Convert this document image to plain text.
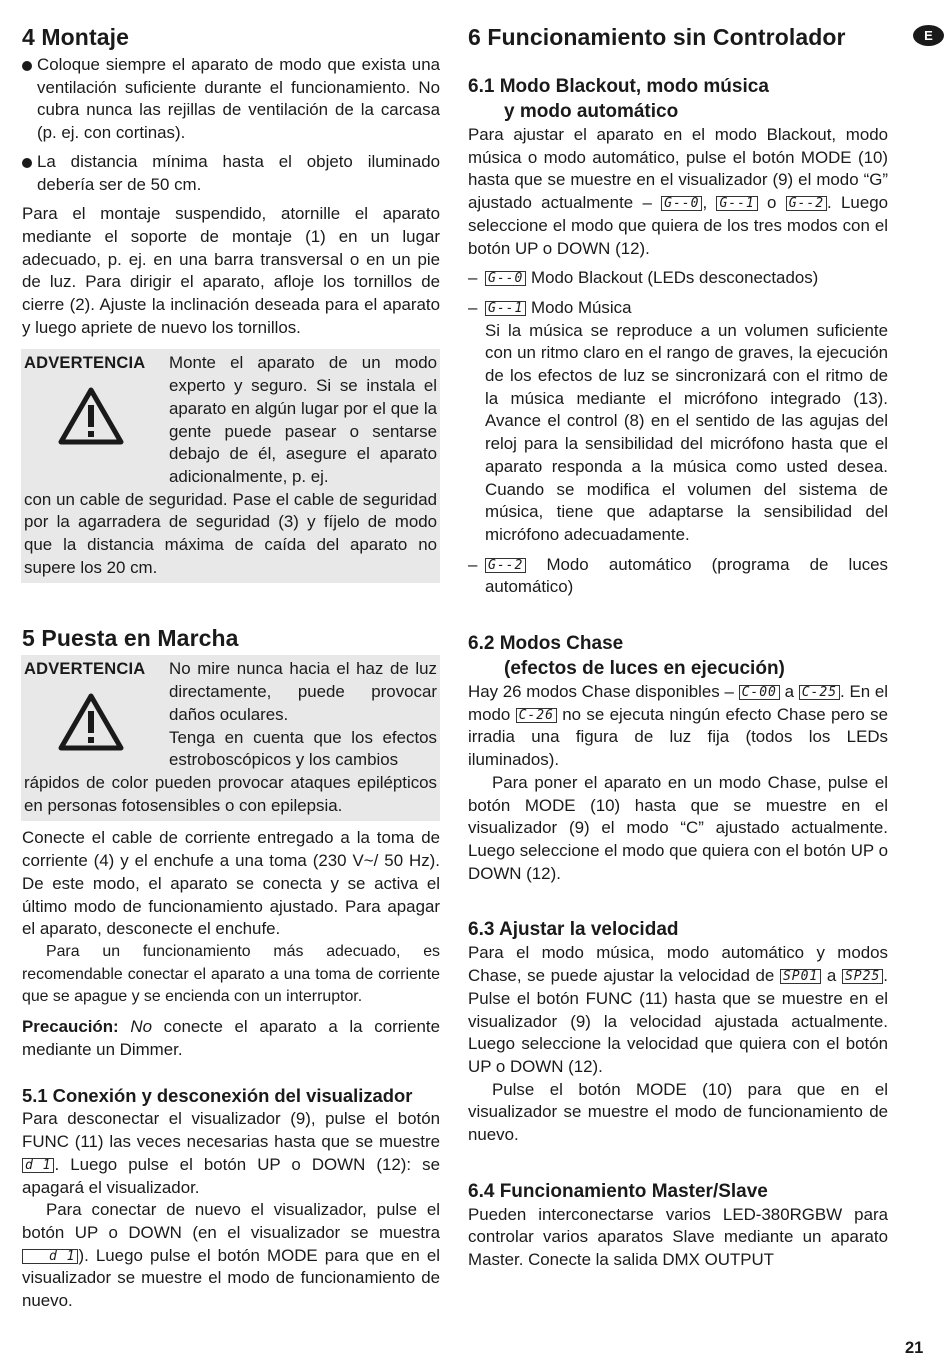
E
4 Montaje

Coloque siempre el aparato de modo que exista una ventilación suficiente durante el funcionamiento. No cubra nunca las rejillas de ventilación de la carcasa (p. ej. con cortinas).

La distancia mínima hasta el objeto iluminado debería ser de 50 cm.

Para el montaje suspendido, atornille el aparato mediante el soporte de montaje (1) en un lugar adecuado, p. ej. en una barra transversal o en un pie de luz. Para dirigir el aparato, afloje los tornillos de cierre (2). Ajuste la inclinación deseada para el aparato y luego apriete de nuevo los tornillos.

ADVERTENCIA	Monte el aparato de un modo experto y seguro. Si se instala el aparato en algún lugar por el que la gente puede pasear o sentarse debajo de él, asegure el aparato adicionalmente, p. ej.

con un cable de seguridad. Pase el cable de seguridad por la agarradera de seguridad (3) y fíjelo de modo que la distancia máxima de caída del aparato no supere los 20 cm.

5 Puesta en Marcha
ADVERTENCIA	No mire nunca hacia el haz de luz directamente, puede provocar daños oculares.

Tenga en cuenta que los efectos estroboscópicos y los cambios

rápidos de color pueden provocar ataques epilépticos en personas fotosensibles o con epilepsia.

Conecte el cable de corriente entregado a la toma de corriente (4) y el enchufe a una toma (230 V~/ 50 Hz). De este modo, el aparato se conecta y se activa el último modo de funcionamiento ajustado. Para apagar el aparato, desconecte el enchufe.

Para un funcionamiento más adecuado, es recomendable conectar el aparato a una toma de corriente que se apague y se encienda con un interruptor.

Precaución: No conecte el aparato a la corriente mediante un Dimmer.

5.1 Conexión y desconexión del visualizador

Para desconectar el visualizador (9), pulse el botón FUNC (11) las veces necesarias hasta que se muestre d 1 . Luego pulse el botón UP o DOWN (12): se apagará el visualizador.

Para conectar de nuevo el visualizador, pulse el botón UP o DOWN (en el visualizador se muestra d 1 ). Luego pulse el botón MODE para que en el visualizador se muestre el modo de funcionamiento de nuevo.

6 Funcionamiento sin Controlador
6.1 Modo Blackout, modo música
y modo automático

Para ajustar el aparato en el modo Blackout, modo música o modo automático, pulse el botón MODE (10) hasta que se muestre en el visualizador (9) el modo “G” ajustado actualmente – G--0 , G--1 o G--2 . Luego seleccione el modo que quiera de los tres modos con el botón UP o DOWN (12).

– G--0 Modo Blackout (LEDs desconectados)

– G--1 Modo Música

Si la música se reproduce a un volumen suficiente con un ritmo claro en el rango de graves, la ejecución de los efectos de luz se sincronizará con el ritmo de la música mediante el micrófono integrado (13). Avance el control (8) en el sentido de las agujas del reloj para la sensibilidad del micrófono hasta que el aparato responda a la música como usted desea. Cuando se modifica el volumen del sistema de música, tiene que adaptarse la sensibilidad del micrófono adecuadamente.

– G--2 Modo automático (programa de luces automático)

6.2 Modos Chase
(efectos de luces en ejecución)

Hay 26 modos Chase disponibles – C-00 a C-25 . En el modo C-26 no se ejecuta ningún efecto Chase pero se irradia una figura de luz fija (todos los LEDs iluminados).

Para poner el aparato en un modo Chase, pulse el botón MODE (10) hasta que se muestre en el visualizador (9) el modo “C” ajustado actualmente. Luego seleccione el modo que quiera con el botón UP o DOWN (12).

6.3 Ajustar la velocidad

Para el modo música, modo automático y modos Chase, se puede ajustar la velocidad de SP01 a SP25 . Pulse el botón FUNC (11) hasta que se muestre en el visualizador (9) la velocidad ajustada actualmente. Luego seleccione la velocidad que quiera con el botón UP o DOWN (12).

Pulse el botón MODE (10) para que en el visualizador se muestre el modo de funcionamiento de nuevo.

6.4 Funcionamiento Master/Slave

Pueden interconectarse varios LED-380RGBW para controlar varios aparatos Slave mediante un aparato Master. Conecte la salida DMX OUTPUT

21
